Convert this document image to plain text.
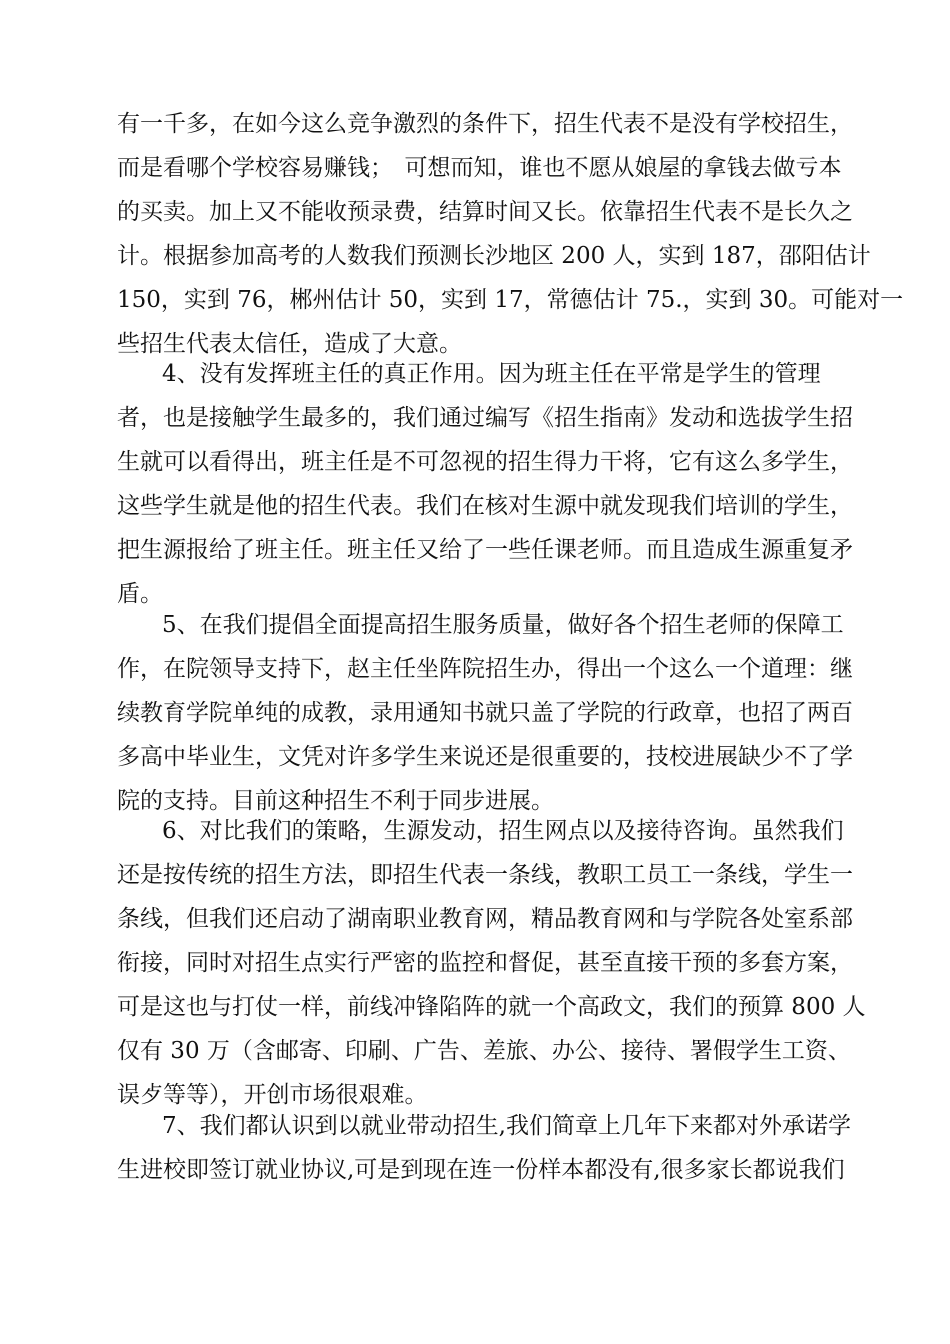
有一千多，在如今这么竞争激烈的条件下，招生代表不是没有学校招生，
而是看哪个学校容易赚钱；　可想而知，谁也不愿从娘屋的拿钱去做亏本
的买卖。加上又不能收预录费，结算时间又长。依靠招生代表不是长久之
计。根据参加高考的人数我们预测长沙地区 200 人，实到 187，邵阳估计
150，实到 76，郴州估计 50，实到 17，常德估计 75.，实到 30。可能对一
些招生代表太信任，造成了大意。
4、没有发挥班主任的真正作用。因为班主任在平常是学生的管理
者，也是接触学生最多的，我们通过编写《招生指南》发动和选拔学生招
生就可以看得出，班主任是不可忽视的招生得力干将，它有这么多学生，
这些学生就是他的招生代表。我们在核对生源中就发现我们培训的学生，
把生源报给了班主任。班主任又给了一些任课老师。而且造成生源重复矛
盾。
5、在我们提倡全面提高招生服务质量，做好各个招生老师的保障工
作，在院领导支持下，赵主任坐阵院招生办，得出一个这么一个道理：继
续教育学院单纯的成教，录用通知书就只盖了学院的行政章，也招了两百
多高中毕业生，文凭对许多学生来说还是很重要的，技校进展缺少不了学
院的支持。目前这种招生不利于同步进展。
6、对比我们的策略，生源发动，招生网点以及接待咨询。虽然我们
还是按传统的招生方法，即招生代表一条线，教职工员工一条线，学生一
条线，但我们还启动了湖南职业教育网，精品教育网和与学院各处室系部
衔接，同时对招生点实行严密的监控和督促，甚至直接干预的多套方案，
可是这也与打仗一样，前线冲锋陷阵的就一个高政文，我们的预算 800 人
仅有 30 万（含邮寄、印刷、广告、差旅、办公、接待、署假学生工资、
误歺等等），开创市场很艰难。
7、我们都认识到以就业带动招生,我们简章上几年下来都对外承诺学
生进校即签订就业协议,可是到现在连一份样本都没有,很多家长都说我们
